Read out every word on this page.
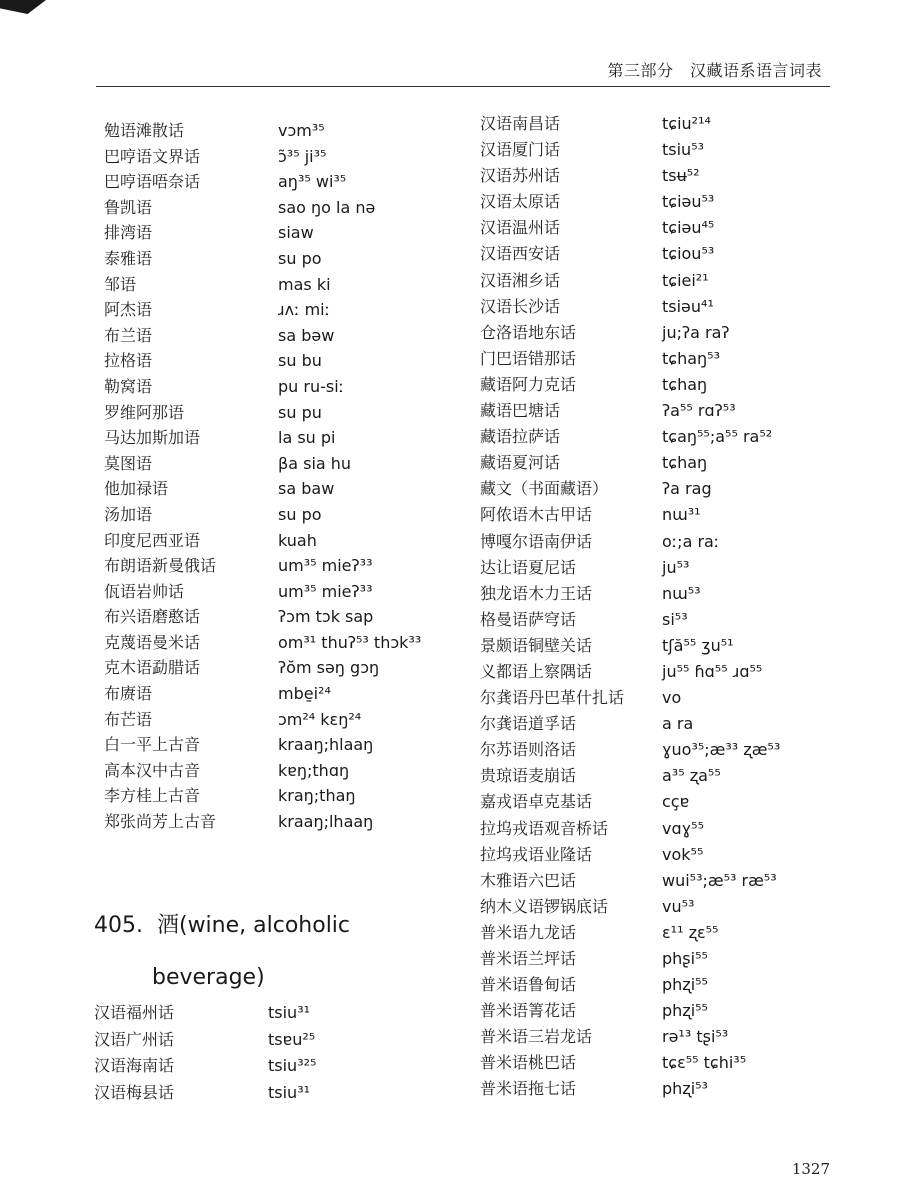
第三部分　汉藏语系语言词表
勉语滩散话	vɔm³⁵
巴哼语文界话	ɔ̃³⁵ ji³⁵
巴哼语唔奈话	aŋ³⁵ wi³⁵
鲁凯语	sao ŋo la nə
排湾语	siaw
泰雅语	su po
邹语	mas ki
阿杰语	ɹʌː miː
布兰语	sa bəw
拉格语	su bu
勒窝语	pu ru-siː
罗维阿那语	su pu
马达加斯加语	la su pi
莫图语	βa sia hu
他加禄语	sa baw
汤加语	su po
印度尼西亚语	kuah
布朗语新曼俄话	um³⁵ mieʔ³³
佤语岩帅话	um³⁵ mieʔ³³
布兴语磨憨话	ʔɔm tɔk sap
克蔑语曼米话	om³¹ thuʔ⁵³ thɔk³³
克木语勐腊话	ʔŏm səŋ gɔŋ
布赓语	mbe̱i²⁴
布芒语	ɔm²⁴ kɛŋ²⁴
白一平上古音	kraaŋ;hlaaŋ
高本汉中古音	kɐŋ;thɑŋ
李方桂上古音	kraŋ;thaŋ
郑张尚芳上古音	kraaŋ;lhaaŋ
405. 酒(wine, alcoholic
beverage)
汉语福州话	tsiu³¹
汉语广州话	tsɐu²⁵
汉语海南话	tsiu³²⁵
汉语梅县话	tsiu³¹
汉语南昌话	tɕiu²¹⁴
汉语厦门话	tsiu⁵³
汉语苏州话	tsʉ⁵²
汉语太原话	tɕiəu⁵³
汉语温州话	tɕiəu⁴⁵
汉语西安话	tɕiou⁵³
汉语湘乡话	tɕiei²¹
汉语长沙话	tsiəu⁴¹
仓洛语地东话	ju;ʔa raʔ
门巴语错那话	tɕhaŋ⁵³
藏语阿力克话	tɕhaŋ
藏语巴塘话	ʔa⁵⁵ rɑʔ⁵³
藏语拉萨话	tɕaŋ⁵⁵;a⁵⁵ ra⁵²
藏语夏河话	tɕhaŋ
藏文（书面藏语）	ʔa rag
阿侬语木古甲话	nɯ³¹
博嘎尔语南伊话	oː;a raː
达让语夏尼话	ju⁵³
独龙语木力王话	nɯ⁵³
格曼语萨穹话	si⁵³
景颇语铜壁关话	tʃă⁵⁵ ʒu⁵¹
义都语上察隅话	ju⁵⁵ ɦɑ⁵⁵ ɹɑ⁵⁵
尔龚语丹巴革什扎话	vo
尔龚语道孚话	a ra
尔苏语则洛话	ɣuo³⁵;æ³³ ʐæ⁵³
贵琼语麦崩话	a³⁵ ʐa⁵⁵
嘉戎语卓克基话	cçɐ
拉坞戎语观音桥话	vɑɣ⁵⁵
拉坞戎语业隆话	vok⁵⁵
木雅语六巴话	wui⁵³;æ⁵³ ræ⁵³
纳木义语锣锅底话	vu⁵³
普米语九龙话	ɛ¹¹ ʐɛ⁵⁵
普米语兰坪话	phʂi⁵⁵
普米语鲁甸话	phʐi⁵⁵
普米语箐花话	phʐi⁵⁵
普米语三岩龙话	rə¹³ tʂi⁵³
普米语桃巴话	tɕɛ⁵⁵ tɕhi³⁵
普米语拖七话	phʐi⁵³
1327
